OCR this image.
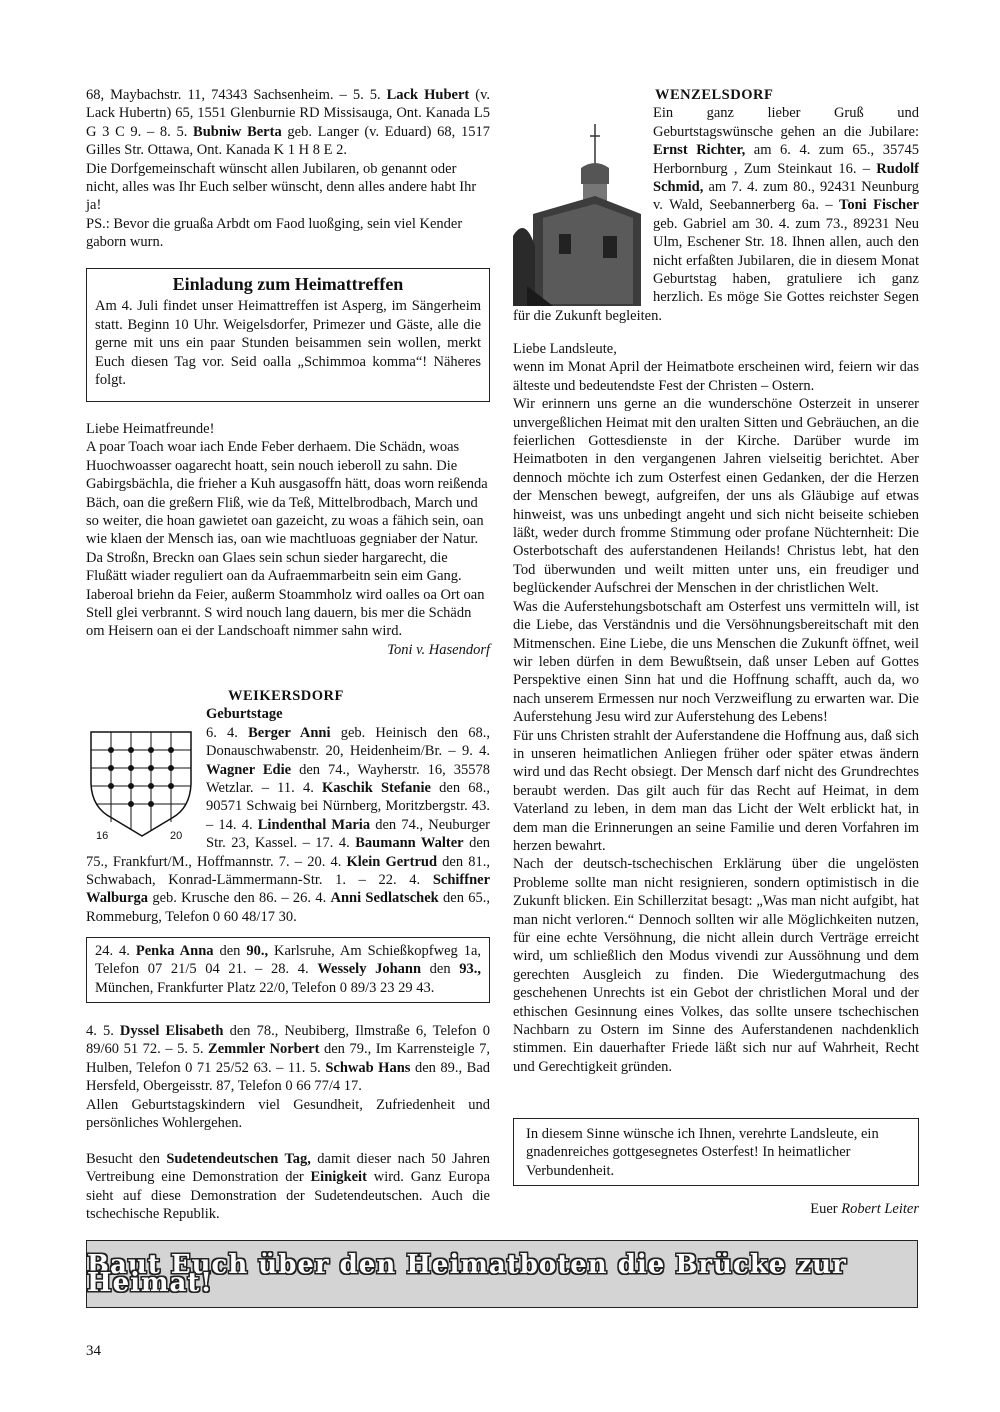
68, Maybachstr. 11, 74343 Sachsenheim. – 5. 5. Lack Hubert (v. Lack Hubertn) 65, 1551 Glenburnie RD Missisauga, Ont. Kanada L5 G 3 C 9. – 8. 5. Bubniw Berta geb. Langer (v. Eduard) 68, 1517 Gilles Str. Ottawa, Ont. Kanada K 1 H 8 E 2.

Die Dorfgemeinschaft wünscht allen Jubilaren, ob genannt oder nicht, alles was Ihr Euch selber wünscht, denn alles andere habt Ihr ja!

PS.: Bevor die gruaßa Arbdt om Faod luoßging, sein viel Kender gaborn wurn.

Einladung zum Heimattreffen

Am 4. Juli findet unser Heimattreffen ist Asperg, im Sängerheim statt. Beginn 10 Uhr. Weigelsdorfer, Primezer und Gäste, alle die gerne mit uns ein paar Stunden beisammen sein wollen, merkt Euch diesen Tag vor. Seid oalla „Schimmoa komma“! Näheres folgt.

Liebe Heimatfreunde!

A poar Toach woar iach Ende Feber derhaem. Die Schädn, woas Huochwoasser oagarecht hoatt, sein nouch ieberoll zu sahn. Die Gabirgsbächla, die frieher a Kuh ausgasoffn hätt, doas worn reißenda Bäch, oan die greßern Fliß, wie da Teß, Mittelbrodbach, March und so weiter, die hoan gawietet oan gazeicht, zu woas a fähich sein, oan wie klaen der Mensch ias, oan wie machtluoas gegniaber der Natur. Da Stroßn, Breckn oan Glaes sein schun sieder hargarecht, die Flußätt wiader reguliert oan da Aufraemmarbeitn sein eim Gang. Iaberoal briehn da Feier, außerm Stoammholz wird oalles oa Ort oan Stell glei verbrannt. S wird nouch lang dauern, bis mer die Schädn om Heisern oan ei der Landschoaft nimmer sahn wird.

Toni v. Hasendorf
WEIKERSDORF
Geburtstage
16	20

6. 4. Berger Anni geb. Heinisch den 68., Donauschwabenstr. 20, Heidenheim/Br. – 9. 4. Wagner Edie den 74., Wayherstr. 16, 35578 Wetzlar. – 11. 4. Kaschik Stefanie den 68., 90571 Schwaig bei Nürnberg, Moritzbergstr. 43. – 14. 4. Lindenthal Maria den 74., Neuburger Str. 23, Kassel. – 17. 4. Baumann Walter den 75., Frankfurt/M., Hoffmannstr. 7. – 20. 4. Klein Gertrud den 81., Schwabach, Konrad-Lämmermann-Str. 1. – 22. 4. Schiffner Walburga geb. Krusche den 86. – 26. 4. Anni Sedlatschek den 65., Rommeburg, Telefon 0 60 48/17 30.

24. 4. Penka Anna den 90., Karlsruhe, Am Schießkopfweg 1a, Telefon 07 21/5 04 21. – 28. 4. Wessely Johann den 93., München, Frankfurter Platz 22/0, Telefon 0 89/3 23 29 43.

4. 5. Dyssel Elisabeth den 78., Neubiberg, Ilmstraße 6, Telefon 0 89/60 51 72. – 5. 5. Zemmler Norbert den 79., Im Karrensteigle 7, Hulben, Telefon 0 71 25/52 63. – 11. 5. Schwab Hans den 89., Bad Hersfeld, Obergeisstr. 87, Telefon 0 66 77/4 17.

Allen Geburtstagskindern viel Gesundheit, Zufriedenheit und persönliches Wohlergehen.

Besucht den Sudetendeutschen Tag, damit dieser nach 50 Jahren Vertreibung eine Demonstration der Einigkeit wird. Ganz Europa sieht auf diese Demonstration der Sudetendeutschen. Auch die tschechische Republik.

WENZELSDORF

Ein ganz lieber Gruß und Geburtstagswünsche gehen an die Jubilare: Ernst Richter, am 6. 4. zum 65., 35745 Herbornburg , Zum Steinkaut 16. – Rudolf Schmid, am 7. 4. zum 80., 92431 Neunburg v. Wald, Seebannerberg 6a. – Toni Fischer geb. Gabriel am 30. 4. zum 73., 89231 Neu Ulm, Eschener Str. 18. Ihnen allen, auch den nicht erfaßten Jubilaren, die in diesem Monat Geburtstag haben, gratuliere ich ganz herzlich. Es möge Sie Gottes reichster Segen für die Zukunft begleiten.

Liebe Landsleute,

wenn im Monat April der Heimatbote erscheinen wird, feiern wir das älteste und bedeutendste Fest der Christen – Ostern.

Wir erinnern uns gerne an die wunderschöne Osterzeit in unserer unvergeßlichen Heimat mit den uralten Sitten und Gebräuchen, an die feierlichen Gottesdienste in der Kirche. Darüber wurde im Heimatboten in den vergangenen Jahren vielseitig berichtet. Aber dennoch möchte ich zum Osterfest einen Gedanken, der die Herzen der Menschen bewegt, aufgreifen, der uns als Gläubige auf etwas hinweist, was uns unbedingt angeht und sich nicht beiseite schieben läßt, weder durch fromme Stimmung oder profane Nüchternheit: Die Osterbotschaft des auferstandenen Heilands! Christus lebt, hat den Tod überwunden und weilt mitten unter uns, ein freudiger und beglückender Aufschrei der Menschen in der christlichen Welt.

Was die Auferstehungsbotschaft am Osterfest uns vermitteln will, ist die Liebe, das Verständnis und die Versöhnungsbereitschaft mit den Mitmenschen. Eine Liebe, die uns Menschen die Zukunft öffnet, weil wir leben dürfen in dem Bewußtsein, daß unser Leben auf Gottes Perspektive einen Sinn hat und die Hoffnung schafft, auch da, wo nach unserem Ermessen nur noch Verzweiflung zu erwarten war. Die Auferstehung Jesu wird zur Auferstehung des Lebens!

Für uns Christen strahlt der Auferstandene die Hoffnung aus, daß sich in unseren heimatlichen Anliegen früher oder später etwas ändern wird und das Recht obsiegt. Der Mensch darf nicht des Grundrechtes beraubt werden. Das gilt auch für das Recht auf Heimat, in dem Vaterland zu leben, in dem man das Licht der Welt erblickt hat, in dem man die Erinnerungen an seine Familie und deren Vorfahren im herzen bewahrt.

Nach der deutsch-tschechischen Erklärung über die ungelösten Probleme sollte man nicht resignieren, sondern optimistisch in die Zukunft blicken. Ein Schillerzitat besagt: „Was man nicht aufgibt, hat man nicht verloren.“ Dennoch sollten wir alle Möglichkeiten nutzen, für eine echte Versöhnung, die nicht allein durch Verträge erreicht wird, um schließlich den Modus vivendi zur Aussöhnung und dem gerechten Ausgleich zu finden. Die Wiedergutmachung des geschehenen Unrechts ist ein Gebot der christlichen Moral und der ethischen Gesinnung eines Volkes, das sollte unsere tschechischen Nachbarn zu Ostern im Sinne des Auferstandenen nachdenklich stimmen. Ein dauerhafter Friede läßt sich nur auf Wahrheit, Recht und Gerechtigkeit gründen.

In diesem Sinne wünsche ich Ihnen, verehrte Landsleute, ein gnadenreiches gottgesegnetes Osterfest! In heimatlicher Verbundenheit.

Euer Robert Leiter
Baut Euch über den Heimatboten die Brücke zur Heimat!
34
